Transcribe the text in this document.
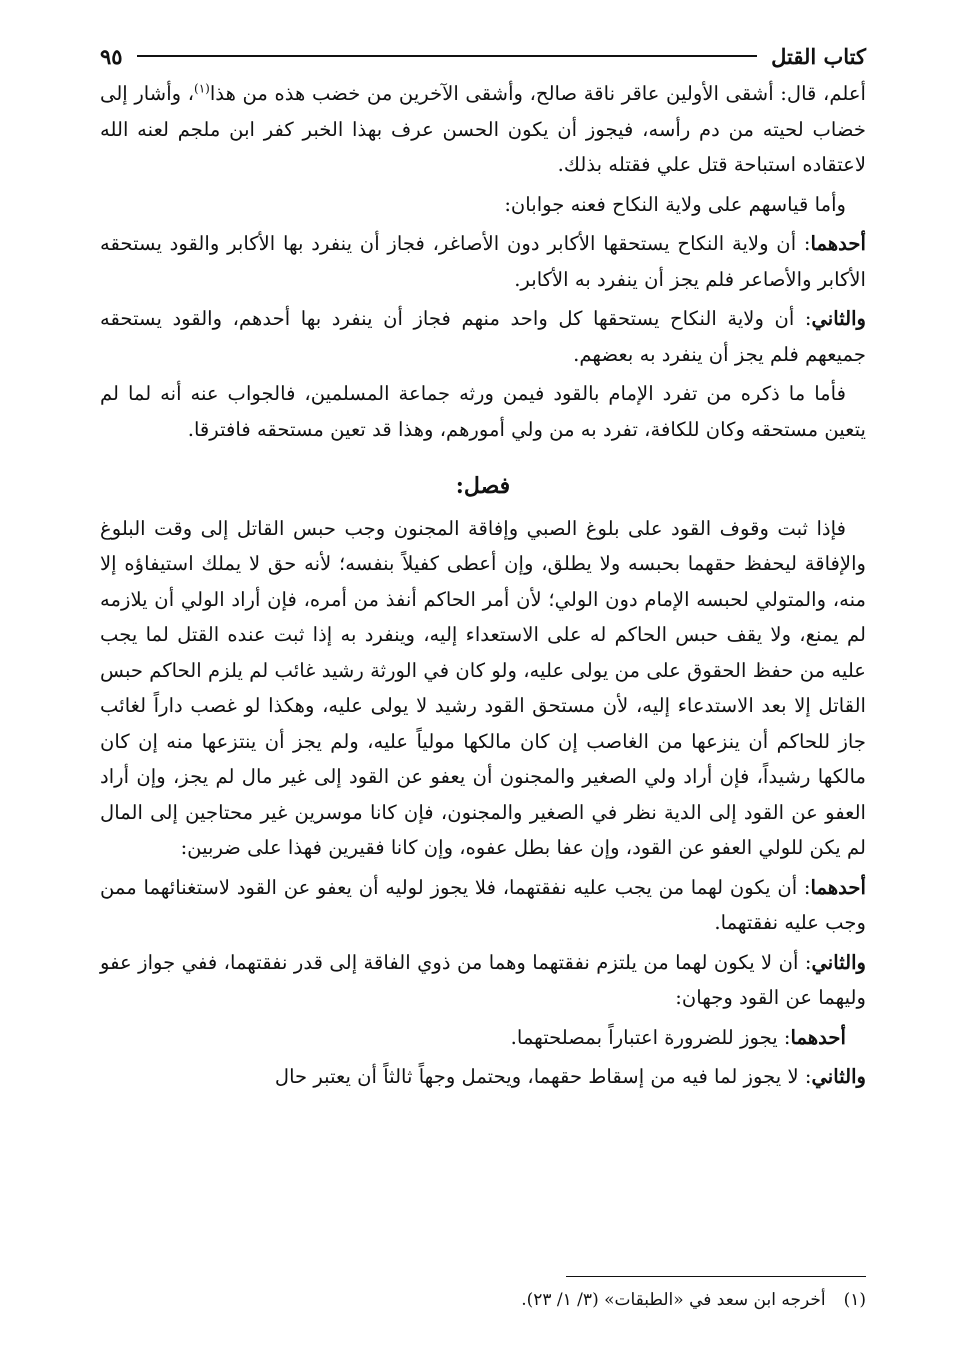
كتاب القتل
٩٥

أعلم، قال: أشقى الأولين عاقر ناقة صالح، وأشقى الآخرين من خضب هذه من هذا$^{(١)}$، وأشار إلى خضاب لحيته من دم رأسه، فيجوز أن يكون الحسن عرف بهذا الخبر كفر ابن ملجم لعنه الله لاعتقاده استباحة قتل علي فقتله بذلك.

وأما قياسهم على ولاية النكاح فعنه جوابان:

أحدهما: أن ولاية النكاح يستحقها الأكابر دون الأصاغر، فجاز أن ينفرد بها الأكابر والقود يستحقه الأكابر والأصاعر فلم يجز أن ينفرد به الأكابر.

والثاني: أن ولاية النكاح يستحقها كل واحد منهم فجاز أن ينفرد بها أحدهم، والقود يستحقه جميعهم فلم يجز أن ينفرد به بعضهم.

فأما ما ذكره من تفرد الإمام بالقود فيمن ورثه جماعة المسلمين، فالجواب عنه أنه لما لم يتعين مستحقه وكان للكافة، تفرد به من ولي أمورهم، وهذا قد تعين مستحقه فافترقا.

فصل:

فإذا ثبت وقوف القود على بلوغ الصبي وإفاقة المجنون وجب حبس القاتل إلى وقت البلوغ والإفاقة ليحفظ حقهما بحبسه ولا يطلق، وإن أعطى كفيلاً بنفسه؛ لأنه حق لا يملك استيفاؤه إلا منه، والمتولي لحبسه الإمام دون الولي؛ لأن أمر الحاكم أنفذ من أمره، فإن أراد الولي أن يلازمه لم يمنع، ولا يقف حبس الحاكم له على الاستعداء إليه، وينفرد به إذا ثبت عنده القتل لما يجب عليه من حفظ الحقوق على من يولى عليه، ولو كان في الورثة رشيد غائب لم يلزم الحاكم حبس القاتل إلا بعد الاستدعاء إليه، لأن مستحق القود رشيد لا يولى عليه، وهكذا لو غصب داراً لغائب جاز للحاكم أن ينزعها من الغاصب إن كان مالكها مولياً عليه، ولم يجز أن ينتزعها منه إن كان مالكها رشيداً، فإن أراد ولي الصغير والمجنون أن يعفو عن القود إلى غير مال لم يجز، وإن أراد العفو عن القود إلى الدية نظر في الصغير والمجنون، فإن كانا موسرين غير محتاجين إلى المال لم يكن للولي العفو عن القود، وإن عفا بطل عفوه، وإن كانا فقيرين فهذا على ضربين:

أحدهما: أن يكون لهما من يجب عليه نفقتهما، فلا يجوز لوليه أن يعفو عن القود لاستغنائهما ممن وجب عليه نفقتهما.

والثاني: أن لا يكون لهما من يلتزم نفقتهما وهما من ذوي الفاقة إلى قدر نفقتهما، ففي جواز عفو وليهما عن القود وجهان:

أحدهما: يجوز للضرورة اعتباراً بمصلحتهما.

والثاني: لا يجوز لما فيه من إسقاط حقهما، ويحتمل وجهاً ثالثاً أن يعتبر حال

(١)
أخرجه ابن سعد في «الطبقات» (٣/ ١/ ٢٣).
